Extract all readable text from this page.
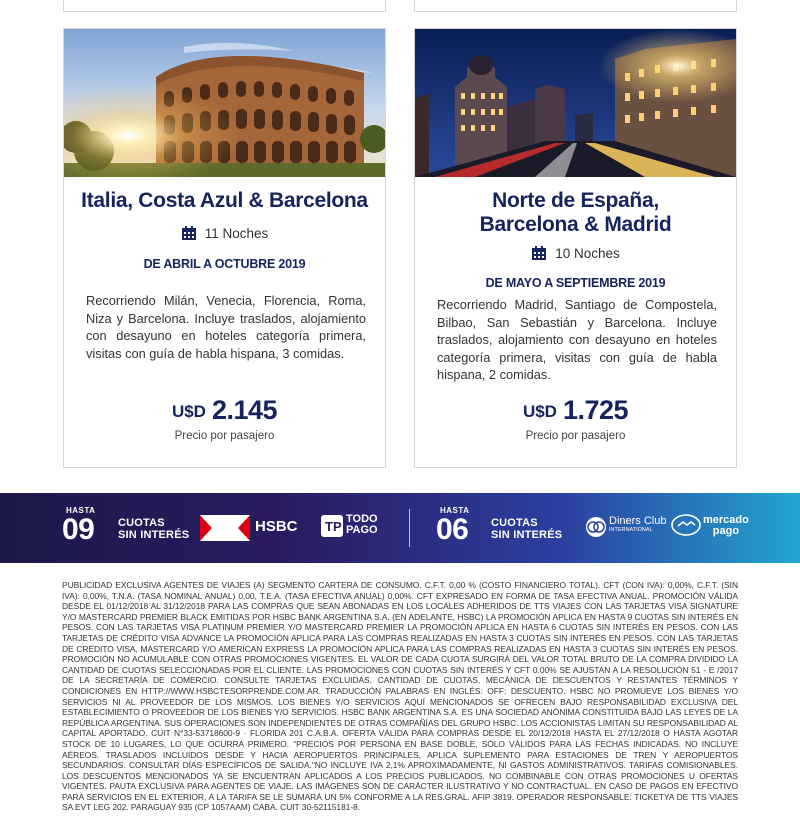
Italia, Costa Azul & Barcelona
11 Noches
DE ABRIL A OCTUBRE 2019
Recorriendo Milán, Venecia, Florencia, Roma, Niza y Barcelona. Incluye traslados, alojamiento con desayuno en hoteles categoría primera, visitas con guía de habla hispana, 3 comidas.
U$D 2.145
Precio por pasajero
Norte de España,
Barcelona & Madrid
10 Noches
DE MAYO A SEPTIEMBRE 2019
Recorriendo Madrid, Santiago de Compostela, Bilbao, San Sebastián y Barcelona. Incluye traslados, alojamiento con desayuno en hoteles categoría primera, visitas con guía de habla hispana, 2 comidas.
U$D 1.725
Precio por pasajero
HASTA
09 CUOTAS
SIN INTERÉS	HSBC TP TODO
PAGO
HASTA
06 CUOTAS
SIN INTERÉS
Diners Club
INTERNATIONAL
mercado
pago
PUBLICIDAD EXCLUSIVA AGENTES DE VIAJES (A) SEGMENTO CARTERA DE CONSUMO. C.F.T. 0,00 % (COSTO FINANCIERO TOTAL). CFT (CON IVA): 0,00%, C.F.T. (SIN IVA): 0,00%, T.N.A. (TASA NOMINAL ANUAL) 0,00, T.E.A. (TASA EFECTIVA ANUAL) 0,00%. CFT EXPRESADO EN FORMA DE TASA EFECTIVA ANUAL. PROMOCIÓN VÁLIDA DESDE EL 01/12/2018 AL 31/12/2018 PARA LAS COMPRAS QUE SEAN ABONADAS EN LOS LOCALES ADHERIDOS DE TTS VIAJES CON LAS TARJETAS VISA SIGNATURE Y/O MASTERCARD PREMIER BLACK EMITIDAS POR HSBC BANK ARGENTINA S.A. (EN ADELANTE, HSBC) LA PROMOCIÓN APLICA EN HASTA 9 CUOTAS SIN INTERÉS EN PESOS. CON LAS TARJETAS VISA PLATINUM PREMIER Y/O MASTERCARD PREMIER LA PROMOCIÓN APLICA EN HASTA 6 CUOTAS SIN INTERÉS EN PESOS. CON LAS TARJETAS DE CRÉDITO VISA ADVANCE LA PROMOCIÓN APLICA PARA LAS COMPRAS REALIZADAS EN HASTA 3 CUOTAS SIN INTERÉS EN PESOS. CON LAS TARJETAS DE CRÉDITO VISA, MASTERCARD Y/O AMERICAN EXPRESS LA PROMOCIÓN APLICA PARA LAS COMPRAS REALIZADAS EN HASTA 3 CUOTAS SIN INTERÉS EN PESOS. PROMOCIÓN NO ACUMULABLE CON OTRAS PROMOCIONES VIGENTES. EL VALOR DE CADA CUOTA SURGIRÁ DEL VALOR TOTAL BRUTO DE LA COMPRA DIVIDIDO LA CANTIDAD DE CUOTAS SELECCIONADAS POR EL CLIENTE. LAS PROMOCIONES CON CUOTAS SIN INTERÉS Y CFT 0.00% SE AJUSTAN A LA RESOLUCIÓN 51 - E /2017 DE LA SECRETARÍA DE COMERCIO. CONSULTE TARJETAS EXCLUIDAS, CANTIDAD DE CUOTAS, MECÁNICA DE DESCUENTOS Y RESTANTES TÉRMINOS Y CONDICIONES EN HTTP://WWW.HSBCTESORPRENDE.COM.AR. TRADUCCIÓN PALABRAS EN INGLÉS: OFF: DESCUENTO. HSBC NO PROMUEVE LOS BIENES Y/O SERVICIOS NI AL PROVEEDOR DE LOS MISMOS. LOS BIENES Y/O SERVICIOS AQUÍ MENCIONADOS SE OFRECEN BAJO RESPONSABILIDAD EXCLUSIVA DEL ESTABLECIMIENTO O PROVEEDOR DE LOS BIENES Y/O SERVICIOS. HSBC BANK ARGENTINA S.A. ES UNA SOCIEDAD ANÓNIMA CONSTITUIDA BAJO LAS LEYES DE LA REPÚBLICA ARGENTINA. SUS OPERACIONES SON INDEPENDIENTES DE OTRAS COMPAÑÍAS DEL GRUPO HSBC. LOS ACCIONISTAS LIMITAN SU RESPONSABILIDAD AL CAPITAL APORTADO. CUIT N°33-53718600-9 · FLORIDA 201 C.A.B.A. OFERTA VÁLIDA PARA COMPRAS DESDE EL 20/12/2018 HASTA EL 27/12/2018 O HASTA AGOTAR STOCK DE 10 LUGARES, LO QUE OCURRA PRIMERO. "PRECIOS POR PERSONA EN BASE DOBLE, SÓLO VÁLIDOS PARA LAS FECHAS INDICADAS. NO INCLUYE AÉREOS. TRASLADOS INCLUIDOS DESDE Y HACIA AEROPUERTOS PRINCIPALES, APLICA SUPLEMENTO PARA ESTACIONES DE TREN Y AEROPUERTOS SECUNDARIOS. CONSULTAR DÍAS ESPECÍFICOS DE SALIDA."NO INCLUYE IVA 2,1% APROXIMADAMENTE, NI GASTOS ADMINISTRATIVOS. TARIFAS COMISIONABLES. LOS DESCUENTOS MENCIONADOS YA SE ENCUENTRAN APLICADOS A LOS PRECIOS PUBLICADOS. NO COMBINABLE CON OTRAS PROMOCIONES U OFERTAS VIGENTES. PAUTA EXCLUSIVA PARA AGENTES DE VIAJE. LAS IMÁGENES SON DE CARÁCTER ILUSTRATIVO Y NO CONTRACTUAL. EN CASO DE PAGOS EN EFECTIVO PARA SERVICIOS EN EL EXTERIOR, A LA TARIFA SE LE SUMARÁ UN 5% CONFORME A LA RES.GRAL. AFIP 3819. OPERADOR RESPONSABLE: TICKETYA DE TTS VIAJES SA EVT LEG 202. PARAGUAY 935 (CP 1057AAM) CABA. CUIT 30-52115181-8.
